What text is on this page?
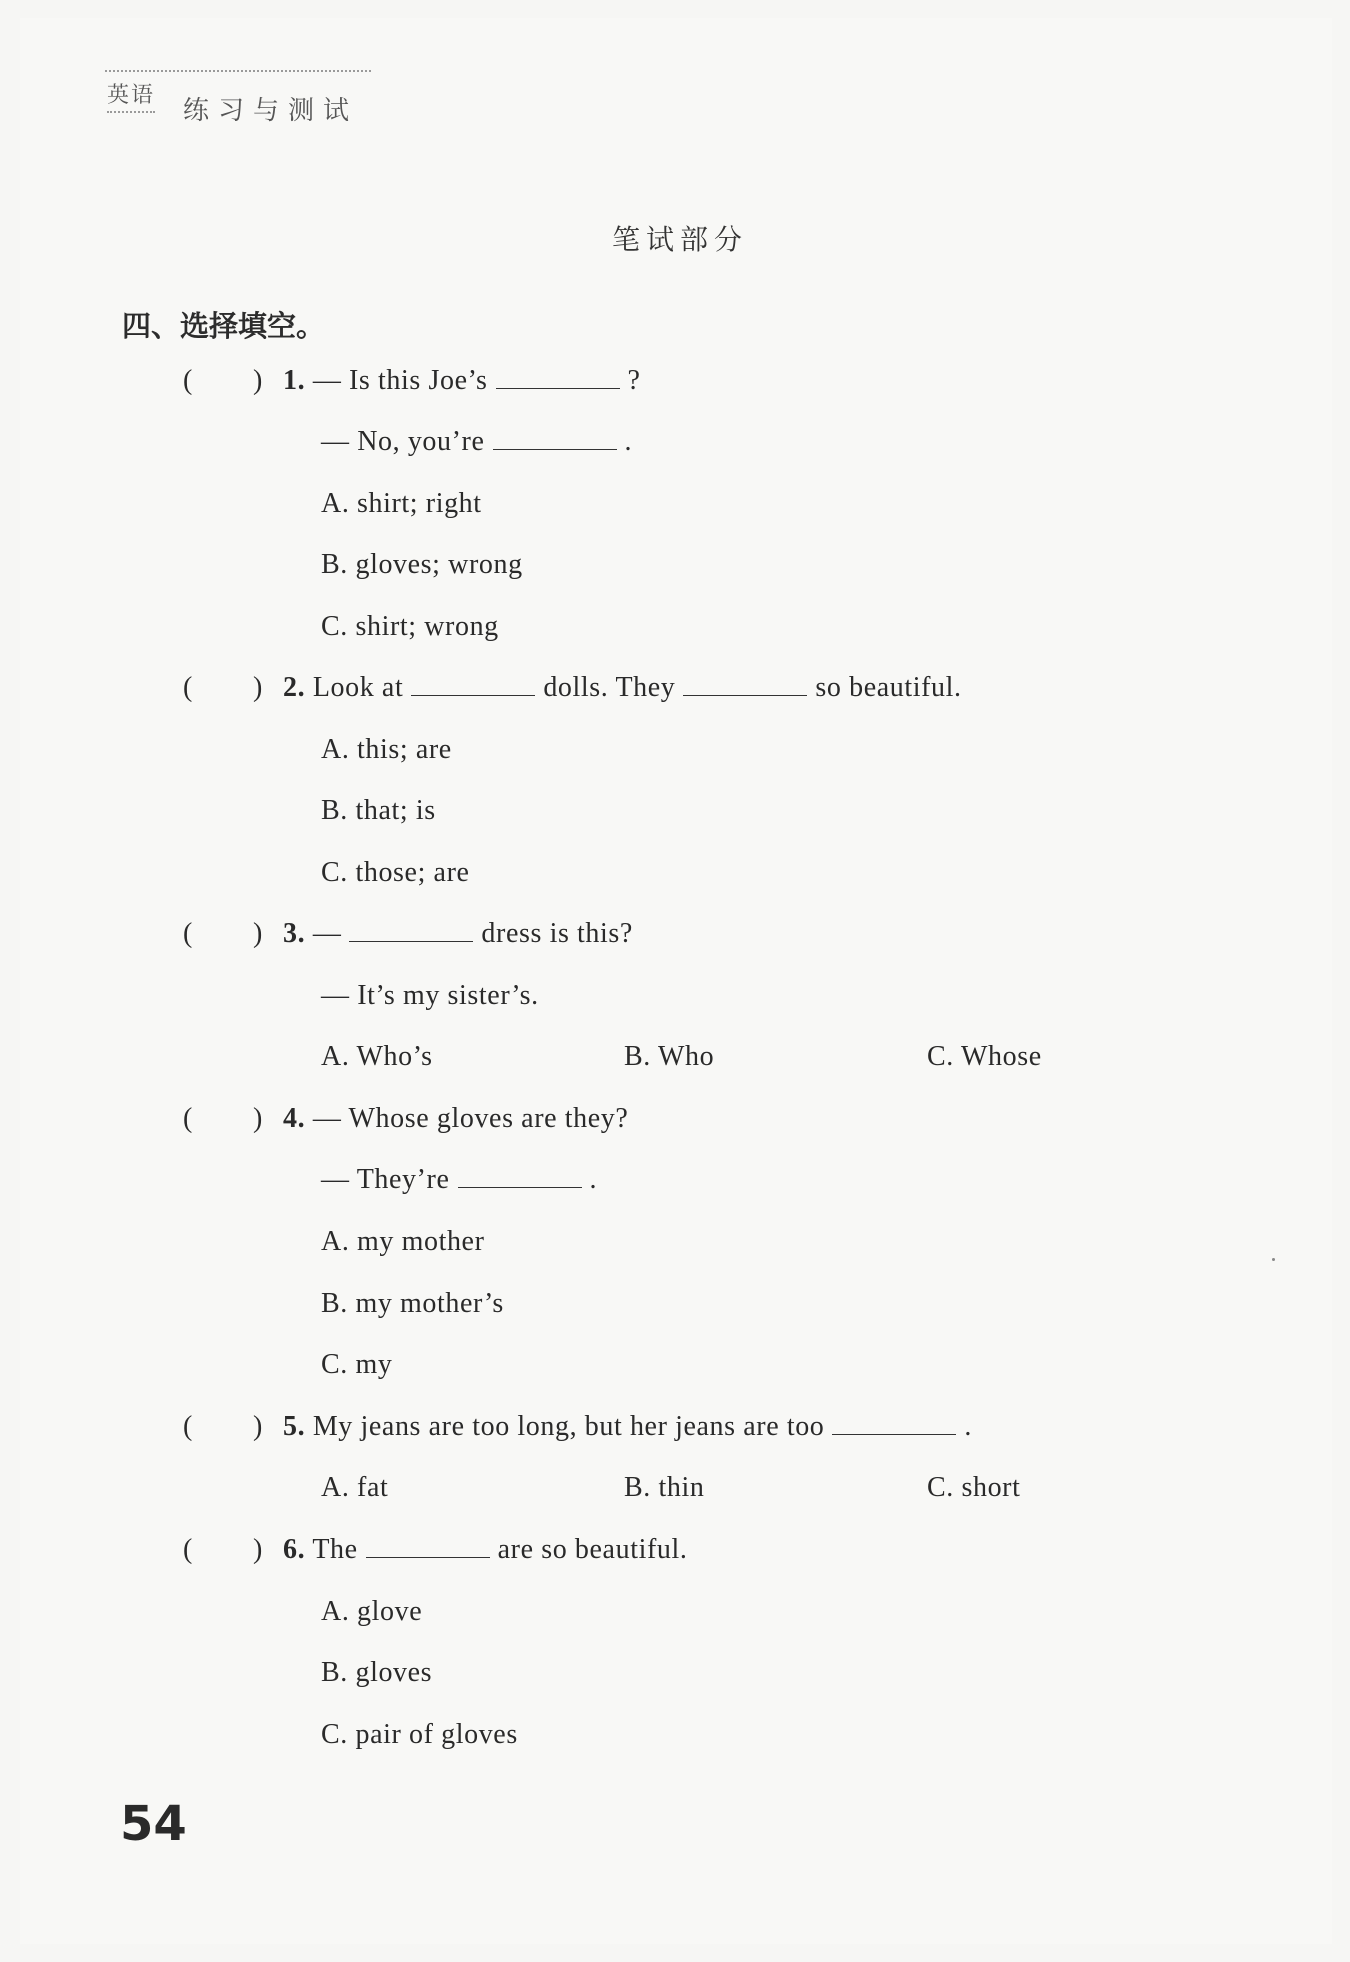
英语
练习与测试
笔试部分
四、选择填空。
( ) 1. — Is this Joe’s	?
— No, you’re	.
A. shirt; right
B. gloves; wrong
C. shirt; wrong
( ) 2. Look at	dolls. They	so beautiful.
A. this; are
B. that; is
C. those; are
( ) 3. —	dress is this?
— It’s my sister’s.
A. Who’s	B. Who	C. Whose
( ) 4. — Whose gloves are they?
— They’re	.
A. my mother
B. my mother’s
C. my
( ) 5. My jeans are too long, but her jeans are too	.
A. fat	B. thin	C. short
( ) 6. The	are so beautiful.
A. glove
B. gloves
C. pair of gloves
54
